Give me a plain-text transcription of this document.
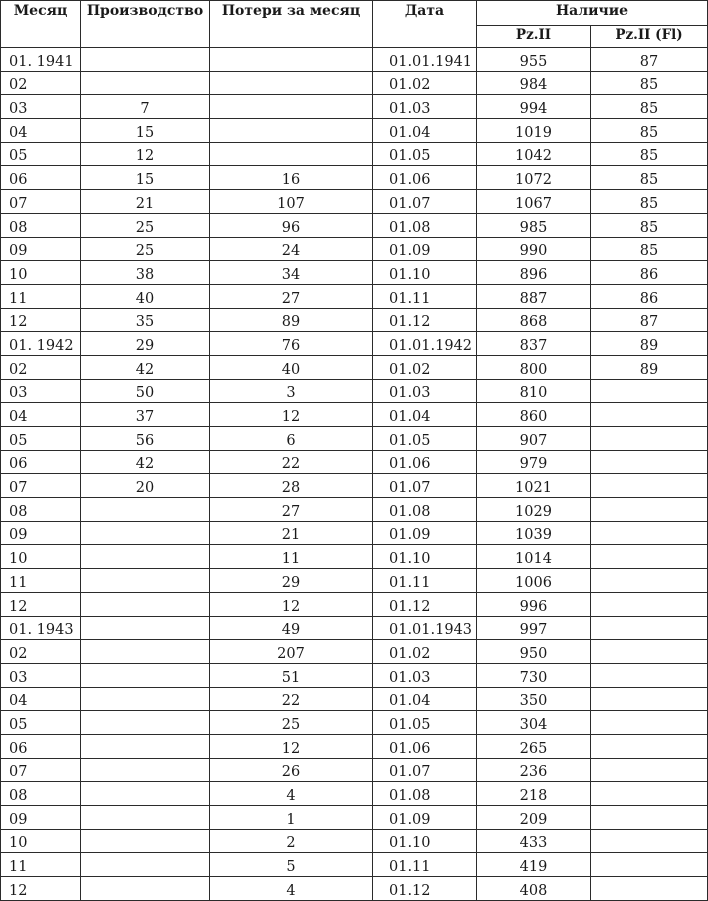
Месяц	Производство	Потери за месяц	Дата	Наличие	
				Pz.II	Pz.II (Fl)
01. 1941			01.01.1941	955	87
02			01.02	984	85
03	7		01.03	994	85
04	15		01.04	1019	85
05	12		01.05	1042	85
06	15	16	01.06	1072	85
07	21	107	01.07	1067	85
08	25	96	01.08	985	85
09	25	24	01.09	990	85
10	38	34	01.10	896	86
11	40	27	01.11	887	86
12	35	89	01.12	868	87
01. 1942	29	76	01.01.1942	837	89
02	42	40	01.02	800	89
03	50	3	01.03	810	
04	37	12	01.04	860	
05	56	6	01.05	907	
06	42	22	01.06	979	
07	20	28	01.07	1021	
08		27	01.08	1029	
09		21	01.09	1039	
10		11	01.10	1014	
11		29	01.11	1006	
12		12	01.12	996	
01. 1943		49	01.01.1943	997	
02		207	01.02	950	
03		51	01.03	730	
04		22	01.04	350	
05		25	01.05	304	
06		12	01.06	265	
07		26	01.07	236	
08		4	01.08	218	
09		1	01.09	209	
10		2	01.10	433	
11		5	01.11	419	
12		4	01.12	408	
